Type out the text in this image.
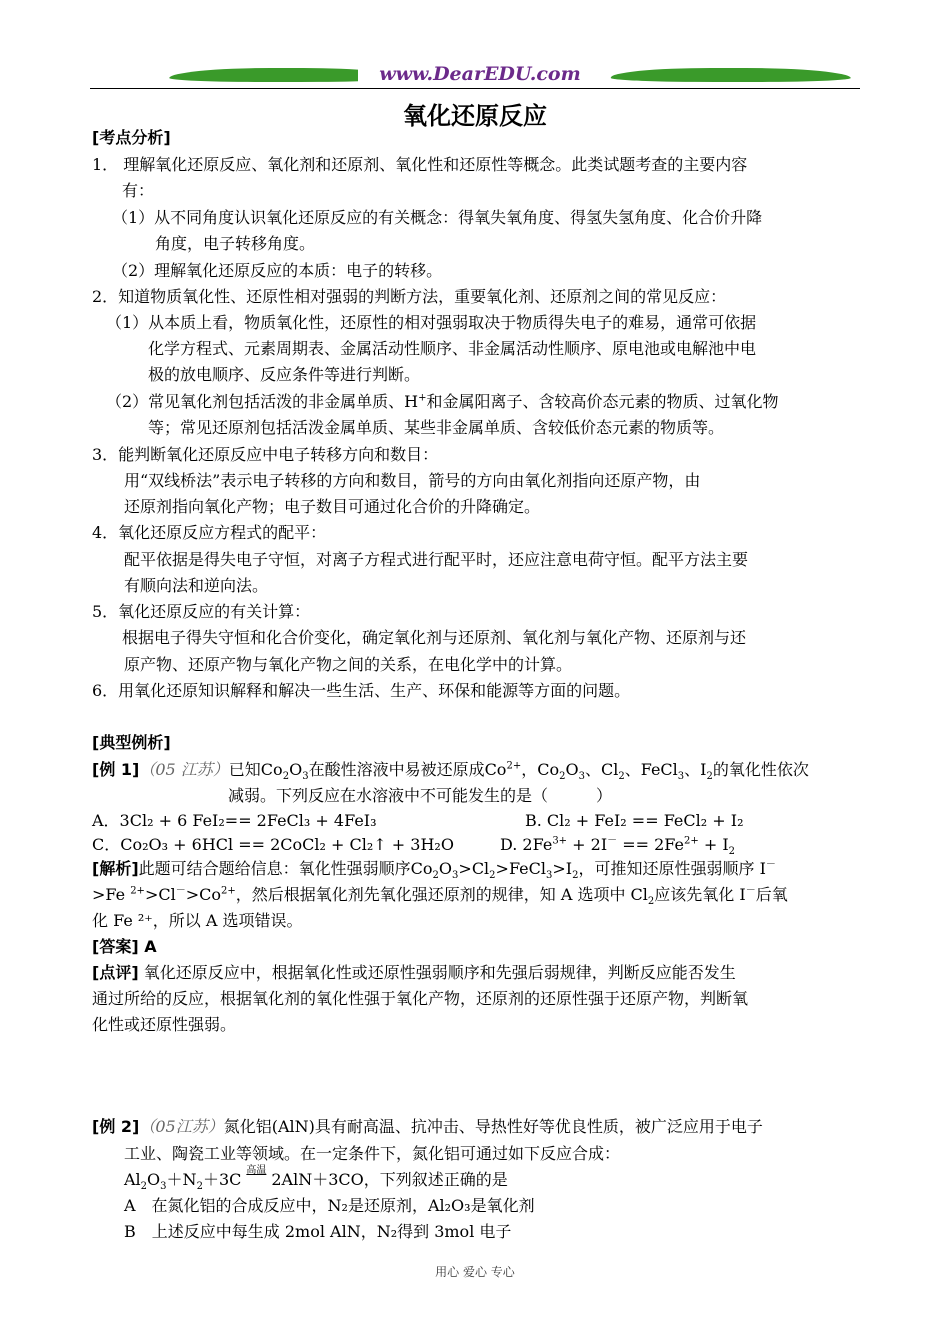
www.DearEDU.com
氧化还原反应
[考点分析]
1． 理解氧化还原反应、氧化剂和还原剂、氧化性和还原性等概念。此类试题考查的主要内容
有：
（1）从不同角度认识氧化还原反应的有关概念：得氧失氧角度、得氢失氢角度、化合价升降
角度，电子转移角度。
（2）理解氧化还原反应的本质：电子的转移。
2．知道物质氧化性、还原性相对强弱的判断方法，重要氧化剂、还原剂之间的常见反应：
（1）从本质上看，物质氧化性，还原性的相对强弱取决于物质得失电子的难易，通常可依据
化学方程式、元素周期表、金属活动性顺序、非金属活动性顺序、原电池或电解池中电
极的放电顺序、反应条件等进行判断。
（2）常见氧化剂包括活泼的非金属单质、H+和金属阳离子、含较高价态元素的物质、过氧化物
等；常见还原剂包括活泼金属单质、某些非金属单质、含较低价态元素的物质等。
3．能判断氧化还原反应中电子转移方向和数目：
用“双线桥法”表示电子转移的方向和数目，箭号的方向由氧化剂指向还原产物，由
还原剂指向氧化产物；电子数目可通过化合价的升降确定。
4．氧化还原反应方程式的配平：
配平依据是得失电子守恒，对离子方程式进行配平时，还应注意电荷守恒。配平方法主要
有顺向法和逆向法。
5．氧化还原反应的有关计算：
根据电子得失守恒和化合价变化，确定氧化剂与还原剂、氧化剂与氧化产物、还原剂与还
原产物、还原产物与氧化产物之间的关系，在电化学中的计算。
6．用氧化还原知识解释和解决一些生活、生产、环保和能源等方面的问题。
[典型例析]
[例 1]（05 江苏）已知$Co_2O_3$在酸性溶液中易被还原成$Co^{2+}$，$Co_2O_3$、$Cl_2$、FeCl$_3$、$I_2$的氧化性依次
减弱。下列反应在水溶液中不可能发生的是（　　　）
A．3Cl₂ + 6 FeI₂== 2FeCl₃ + 4FeI₃	B. Cl₂ + FeI₂ == FeCl₂ + I₂
C．Co₂O₃ + 6HCl == 2CoCl₂ + Cl₂↑ + 3H₂O	D. $2Fe^{3+} + 2I^- == 2Fe^{2+} + I_2$
[解析]此题可结合题给信息：氧化性强弱顺序$Co_2O_3>Cl_2>FeCl_3>I_2$，可推知还原性强弱顺序 I－
>Fe $^{2+}>Cl^->Co^{2+}$，然后根据氧化剂先氧化强还原剂的规律，知 A 选项中 $Cl_2$应该先氧化 I－后氧
化 Fe ²⁺，所以 A 选项错误。
[答案] A
[点评] 氧化还原反应中，根据氧化性或还原性强弱顺序和先强后弱规律，判断反应能否发生
通过所给的反应，根据氧化剂的氧化性强于氧化产物，还原剂的还原性强于还原产物，判断氧
化性或还原性强弱。
[例 2]（05江苏）氮化铝(AlN)具有耐高温、抗冲击、导热性好等优良性质，被广泛应用于电子
工业、陶瓷工业等领域。在一定条件下，氮化铝可通过如下反应合成：
$Al_2O_3+N_2+3C$ 高温 2AlN＋3CO，下列叙述正确的是
A　在氮化铝的合成反应中，N₂是还原剂，Al₂O₃是氧化剂
B　上述反应中每生成 2mol AlN，N₂得到 3mol 电子
用心 爱心 专心
